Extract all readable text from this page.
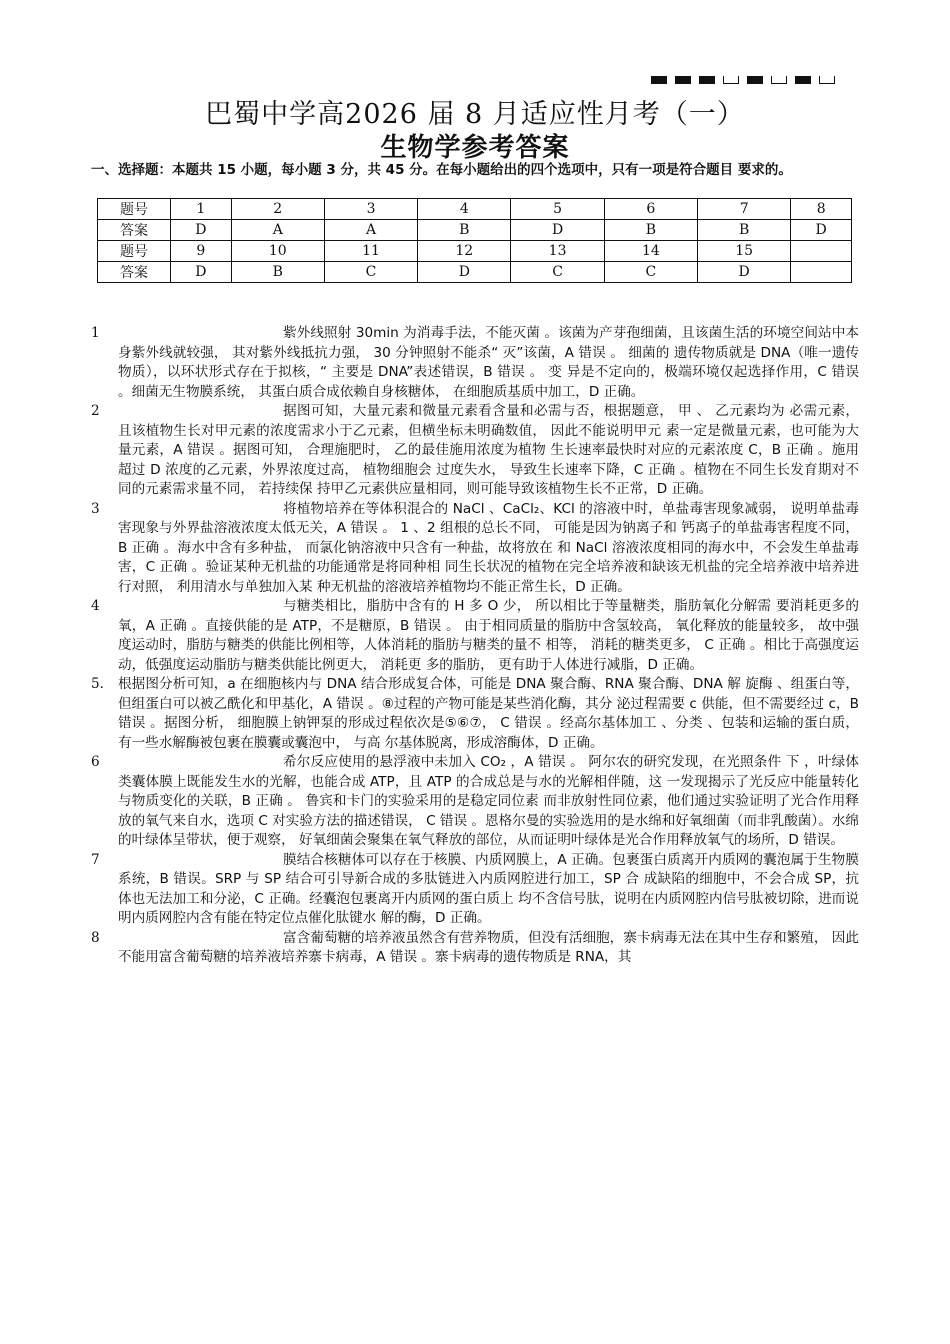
巴蜀中学高2026 届 8 月适应性月考（一）
生物学参考答案
一、选择题：本题共 15 小题，每小题 3 分，共 45 分。在每小题给出的四个选项中，只有一项是符合题目 要求的。
题号	1	2	3	4	5	6	7	8
答案	D	A	A	B	D	B	B	D
题号	9	10	11	12	13	14	15	
答案	D	B	C	D	C	C	D	
1	紫外线照射 30min 为消毒手法，不能灭菌 。该菌为产芽孢细菌，且该菌生活的环境空间站中本身紫外线就较强， 其对紫外线抵抗力强， 30 分钟照射不能杀“ 灭”该菌，A 错误 。 细菌的 遗传物质就是 DNA（唯一遗传物质），以环状形式存在于拟核，“ 主要是 DNA”表述错误，B 错误 。 变 异是不定向的，极端环境仅起选择作用，C 错误 。细菌无生物膜系统， 其蛋白质合成依赖自身核糖体， 在细胞质基质中加工，D 正确。
2	据图可知，大量元素和微量元素看含量和必需与否，根据题意， 甲 、 乙元素均为 必需元素， 且该植物生长对甲元素的浓度需求小于乙元素，但横坐标未明确数值， 因此不能说明甲元 素一定是微量元素，也可能为大量元素，A 错误 。据图可知， 合理施肥时， 乙的最佳施用浓度为植物 生长速率最快时对应的元素浓度 C，B 正确 。施用超过 D 浓度的乙元素，外界浓度过高， 植物细胞会 过度失水， 导致生长速率下降，C 正确 。植物在不同生长发育期对不同的元素需求量不同， 若持续保 持甲乙元素供应量相同，则可能导致该植物生长不正常，D 正确。
3	将植物培养在等体积混合的 NaCl 、CaCl₂、KCl 的溶液中时，单盐毒害现象减弱， 说明单盐毒害现象与外界盐溶液浓度太低无关，A 错误 。 1 、2 组根的总长不同， 可能是因为钠离子和 钙离子的单盐毒害程度不同，B 正确 。海水中含有多种盐， 而氯化钠溶液中只含有一种盐，故将放在 和 NaCl 溶液浓度相同的海水中，不会发生单盐毒害，C 正确 。验证某种无机盐的功能通常是将同种相 同生长状况的植物在完全培养液和缺该无机盐的完全培养液中培养进行对照， 利用清水与单独加入某 种无机盐的溶液培养植物均不能正常生长，D 正确。
4	与糖类相比，脂肪中含有的 H 多 O 少， 所以相比于等量糖类，脂肪氧化分解需 要消耗更多的氧，A 正确 。直接供能的是 ATP，不是糖原，B 错误 。 由于相同质量的脂肪中含氢较高， 氧化释放的能量较多， 故中强度运动时，脂肪与糖类的供能比例相等，人体消耗的脂肪与糖类的量不 相等， 消耗的糖类更多， C 正确 。相比于高强度运动，低强度运动脂肪与糖类供能比例更大， 消耗更 多的脂肪， 更有助于人体进行减脂，D 正确。
5． 根据图分析可知，a 在细胞核内与 DNA 结合形成复合体，可能是 DNA 聚合酶、RNA 聚合酶、DNA 解 旋酶 、组蛋白等， 但组蛋白可以被乙酰化和甲基化，A 错误 。⑧过程的产物可能是某些消化酶，其分 泌过程需要 c 供能，但不需要经过 c，B 错误 。据图分析， 细胞膜上钠钾泵的形成过程依次是⑤⑥⑦， C 错误 。经高尔基体加工 、分类 、包装和运输的蛋白质， 有一些水解酶被包裹在膜囊或囊泡中， 与高 尔基体脱离，形成溶酶体，D 正确。
6	希尔反应使用的悬浮液中未加入 CO₂ ，A 错误 。 阿尔农的研究发现，在光照条件 下 ，叶绿体类囊体膜上既能发生水的光解，也能合成 ATP，且 ATP 的合成总是与水的光解相伴随，这 一发现揭示了光反应中能量转化与物质变化的关联，B 正确 。 鲁宾和卡门的实验采用的是稳定同位素 而非放射性同位素，他们通过实验证明了光合作用释放的氧气来自水，选项 C 对实验方法的描述错误， C 错误 。恩格尔曼的实验选用的是水绵和好氧细菌（而非乳酸菌）。水绵的叶绿体呈带状，便于观察， 好氧细菌会聚集在氧气释放的部位，从而证明叶绿体是光合作用释放氧气的场所，D 错误。
7	膜结合核糖体可以存在于核膜、内质网膜上，A 正确。包裹蛋白质离开内质网的囊泡属于生物膜系统，B 错误。SRP 与 SP 结合可引导新合成的多肽链进入内质网腔进行加工，SP 合 成缺陷的细胞中，不会合成 SP，抗体也无法加工和分泌，C 正确。经囊泡包裹离开内质网的蛋白质上 均不含信号肽，说明在内质网腔内信号肽被切除，进而说明内质网腔内含有能在特定位点催化肽键水 解的酶，D 正确。
8	富含葡萄糖的培养液虽然含有营养物质，但没有活细胞，寨卡病毒无法在其中生存和繁殖， 因此不能用富含葡萄糖的培养液培养寨卡病毒，A 错误 。寨卡病毒的遗传物质是 RNA，其
